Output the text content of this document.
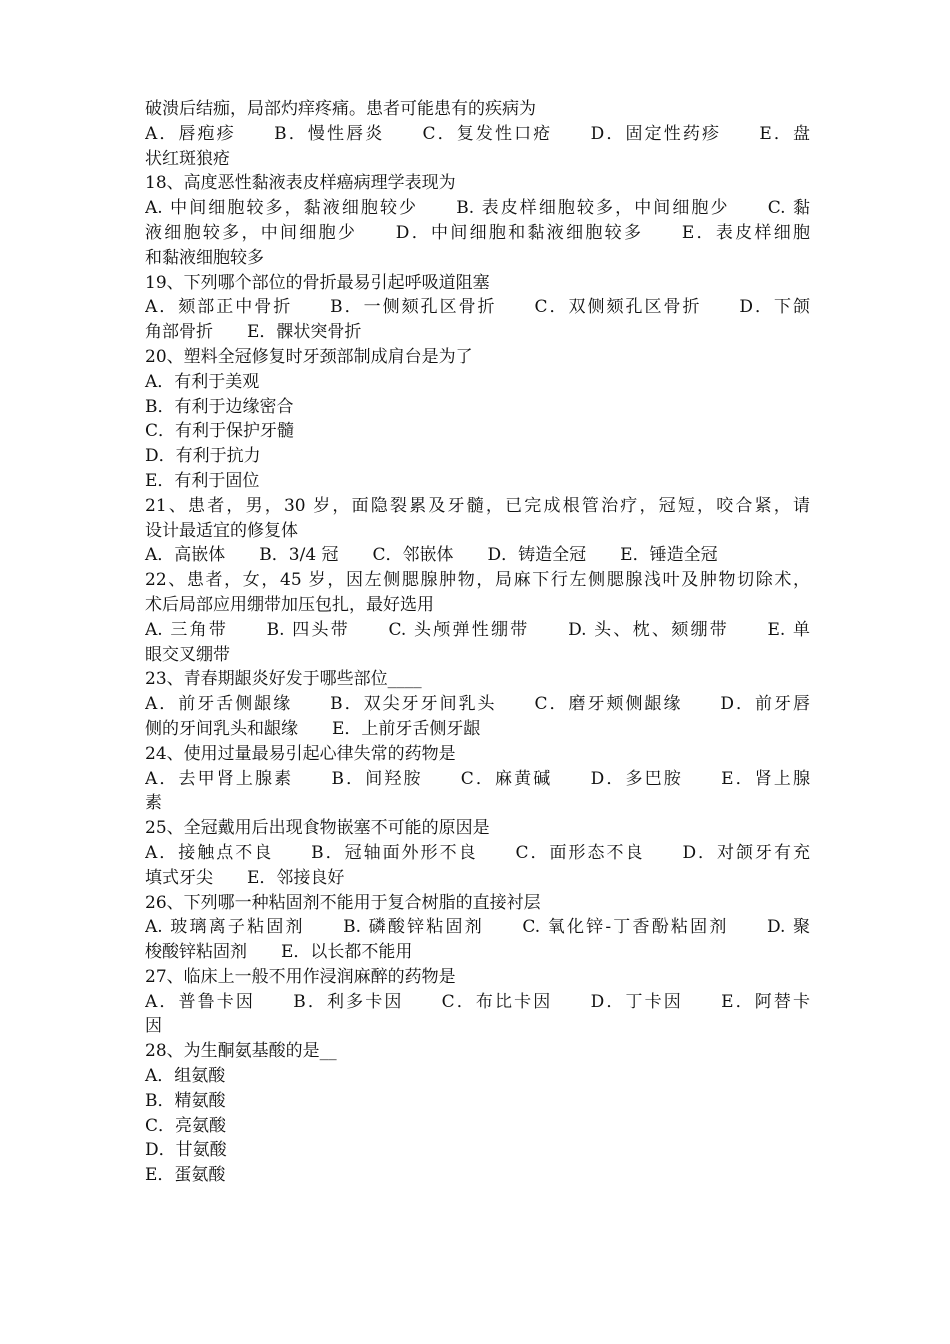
破溃后结痂，局部灼痒疼痛。患者可能患有的疾病为
A．唇疱疹　　B．慢性唇炎　　C．复发性口疮　　D．固定性药疹　　E．盘
状红斑狼疮
18、高度恶性黏液表皮样癌病理学表现为
A. 中间细胞较多，黏液细胞较少　　B. 表皮样细胞较多，中间细胞少　　C. 黏
液细胞较多，中间细胞少　　D．中间细胞和黏液细胞较多　　E．表皮样细胞
和黏液细胞较多
19、下列哪个部位的骨折最易引起呼吸道阻塞
A．颏部正中骨折　　B．一侧颏孔区骨折　　C．双侧颏孔区骨折　　D．下颌
角部骨折　　E．髁状突骨折
20、塑料全冠修复时牙颈部制成肩台是为了
A．有利于美观
B．有利于边缘密合
C．有利于保护牙髓
D．有利于抗力
E．有利于固位
21、患者，男，30 岁，面隐裂累及牙髓，已完成根管治疗，冠短，咬合紧，请
设计最适宜的修复体
A．高嵌体　　B．3/4 冠　　C．邻嵌体　　D．铸造全冠　　E．锤造全冠
22、患者，女，45 岁，因左侧腮腺肿物，局麻下行左侧腮腺浅叶及肿物切除术，
术后局部应用绷带加压包扎，最好选用
A. 三角带　　B. 四头带　　C. 头颅弹性绷带　　D. 头、枕、颏绷带　　E. 单
眼交叉绷带
23、青春期龈炎好发于哪些部位____
A．前牙舌侧龈缘　　B．双尖牙牙间乳头　　C．磨牙颊侧龈缘　　D．前牙唇
侧的牙间乳头和龈缘　　E．上前牙舌侧牙龈
24、使用过量最易引起心律失常的药物是
A．去甲肾上腺素　　B．间羟胺　　C．麻黄碱　　D．多巴胺　　E．肾上腺
素
25、全冠戴用后出现食物嵌塞不可能的原因是
A．接触点不良　　B．冠轴面外形不良　　C．面形态不良　　D．对颌牙有充
填式牙尖　　E．邻接良好
26、下列哪一种粘固剂不能用于复合树脂的直接衬层
A. 玻璃离子粘固剂　　B. 磷酸锌粘固剂　　C. 氧化锌-丁香酚粘固剂　　D. 聚
梭酸锌粘固剂　　E．以长都不能用
27、临床上一般不用作浸润麻醉的药物是
A．普鲁卡因　　B．利多卡因　　C．布比卡因　　D．丁卡因　　E．阿替卡
因
28、为生酮氨基酸的是__
A．组氨酸
B．精氨酸
C．亮氨酸
D．甘氨酸
E．蛋氨酸
